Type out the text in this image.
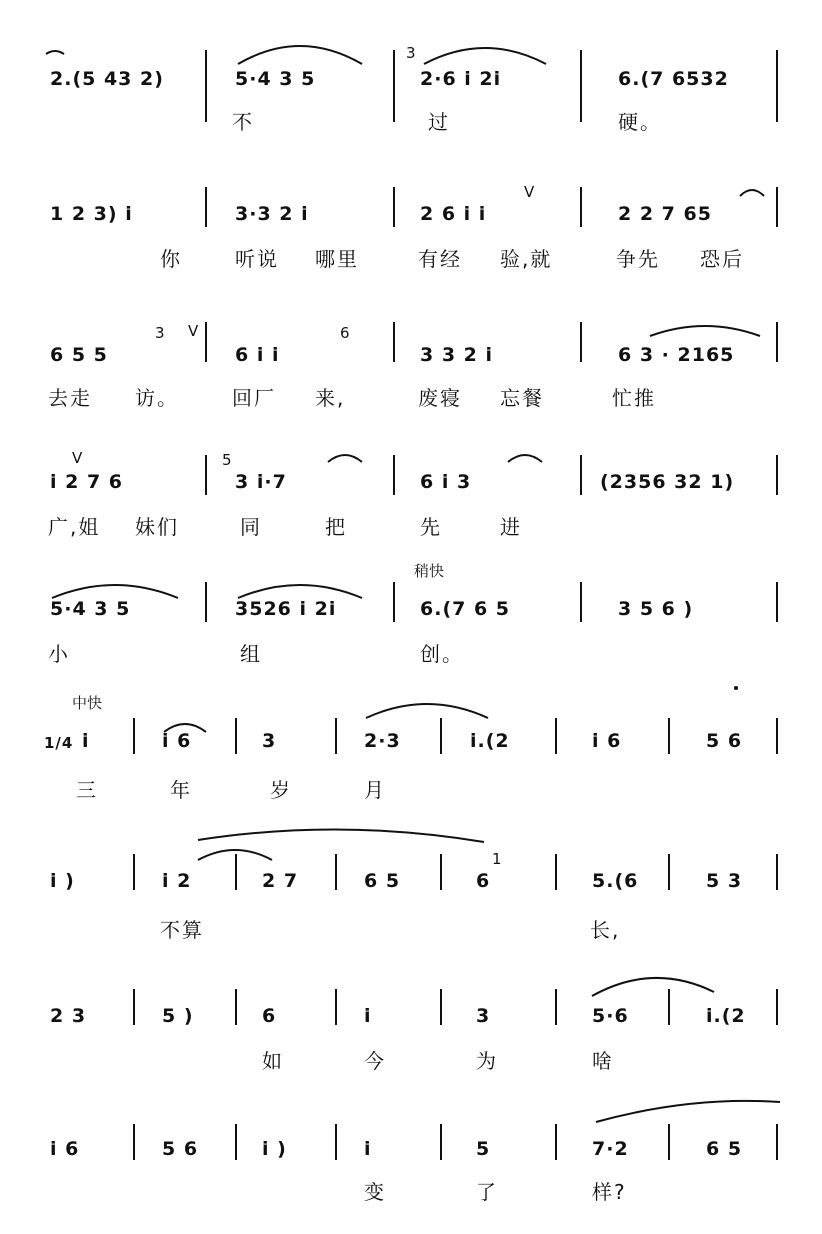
2.(5 43 2)	5·4 3 5
3
2·6 i 2i	6.(7 6532
不	过	硬。
1 2 3) i	3·3 2 i
V
2 6 i i	2 2 7 65
你	听说 哪里	有经 验,就	争先 恐后
6 5 5
3 V
6 i i
6
3 3 2 i	6 3 · 2165
去走 访。	回厂 来,	废寝 忘餐	忙推
V
i 2 7 6
5
3 i·7	6 i 3	(2356 32 1)
广,姐 妹们	同	把	先	进
稍快
5·4 3 5	3526 i 2i	6.(7 6 5	3 5 6 )
小	组	创。
中快
1/4 i	i 6	3	2·3	i.(2	i 6	5 6
三	年	岁	月
i )	i 2	2 7	6 5
1
6	5.(6	5 3
不算	长,
2 3	5 )	6	i	3	5·6	i.(2
如	今	为	啥
i 6	5 6	i )	i	5	7·2	6 5
变	了	样?
